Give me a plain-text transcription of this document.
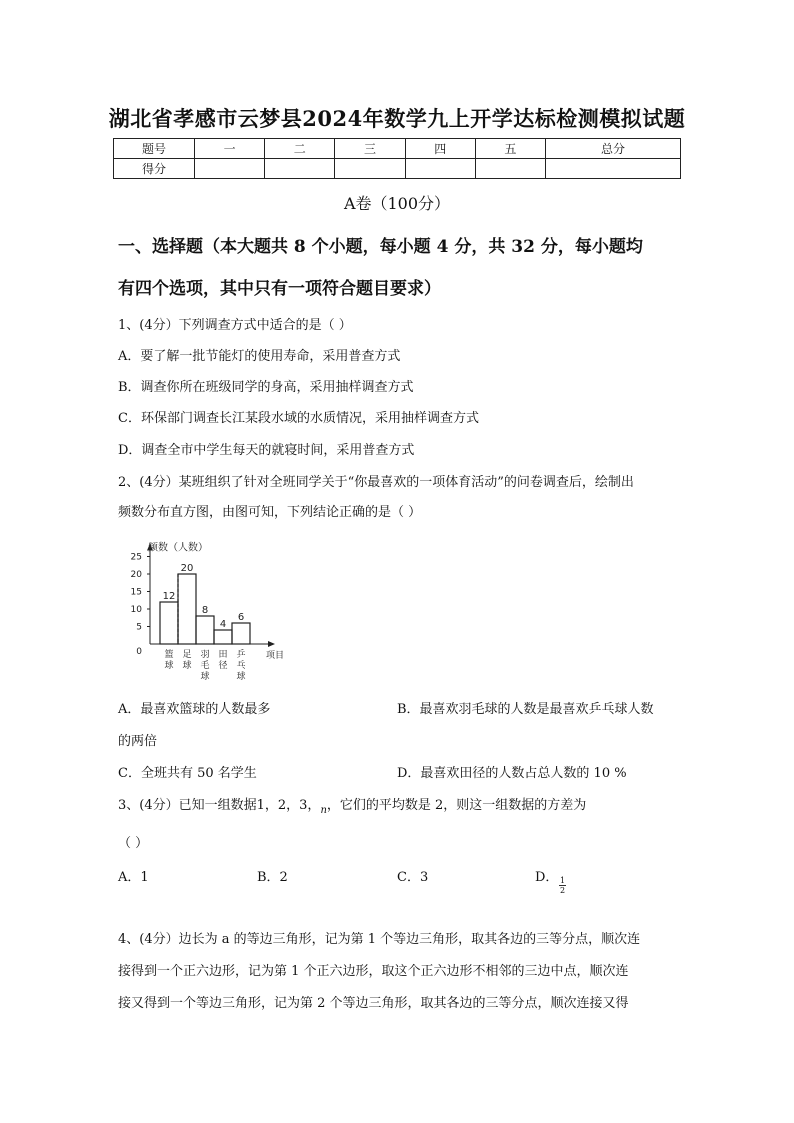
湖北省孝感市云梦县2024年数学九上开学达标检测模拟试题
题号	一	二	三	四	五	总分
得分						
A卷（100分）
一、选择题（本大题共 8 个小题，每小题 4 分，共 32 分，每小题均
有四个选项，其中只有一项符合题目要求）
1、(4分）下列调查方式中适合的是（ ）
A．要了解一批节能灯的使用寿命，采用普查方式
B．调查你所在班级同学的身高，采用抽样调查方式
C．环保部门调查长江某段水域的水质情况，采用抽样调查方式
D．调查全市中学生每天的就寝时间，采用普查方式
2、(4分）某班组织了针对全班同学关于“你最喜欢的一项体育活动”的问卷调查后，绘制出
频数分布直方图，由图可知，下列结论正确的是（ ）
频数（人数）
0
5
10
15
20
25
12
篮
球
20
足
球
8
羽
毛
球
4
田
径
6
乒
乓
球
项目
A．最喜欢篮球的人数最多	B．最喜欢羽毛球的人数是最喜欢乒乓球人数
的两倍
C．全班共有 50 名学生	D．最喜欢田径的人数占总人数的 10 %
3、(4分）已知一组数据1，2，3，$_n$，它们的平均数是 2，则这一组数据的方差为
（ ）
A．1	B．2	C．3	D． $\frac{1}{2}$
4、(4分）边长为 a 的等边三角形，记为第 1 个等边三角形，取其各边的三等分点，顺次连
接得到一个正六边形，记为第 1 个正六边形，取这个正六边形不相邻的三边中点，顺次连
接又得到一个等边三角形，记为第 2 个等边三角形，取其各边的三等分点，顺次连接又得
